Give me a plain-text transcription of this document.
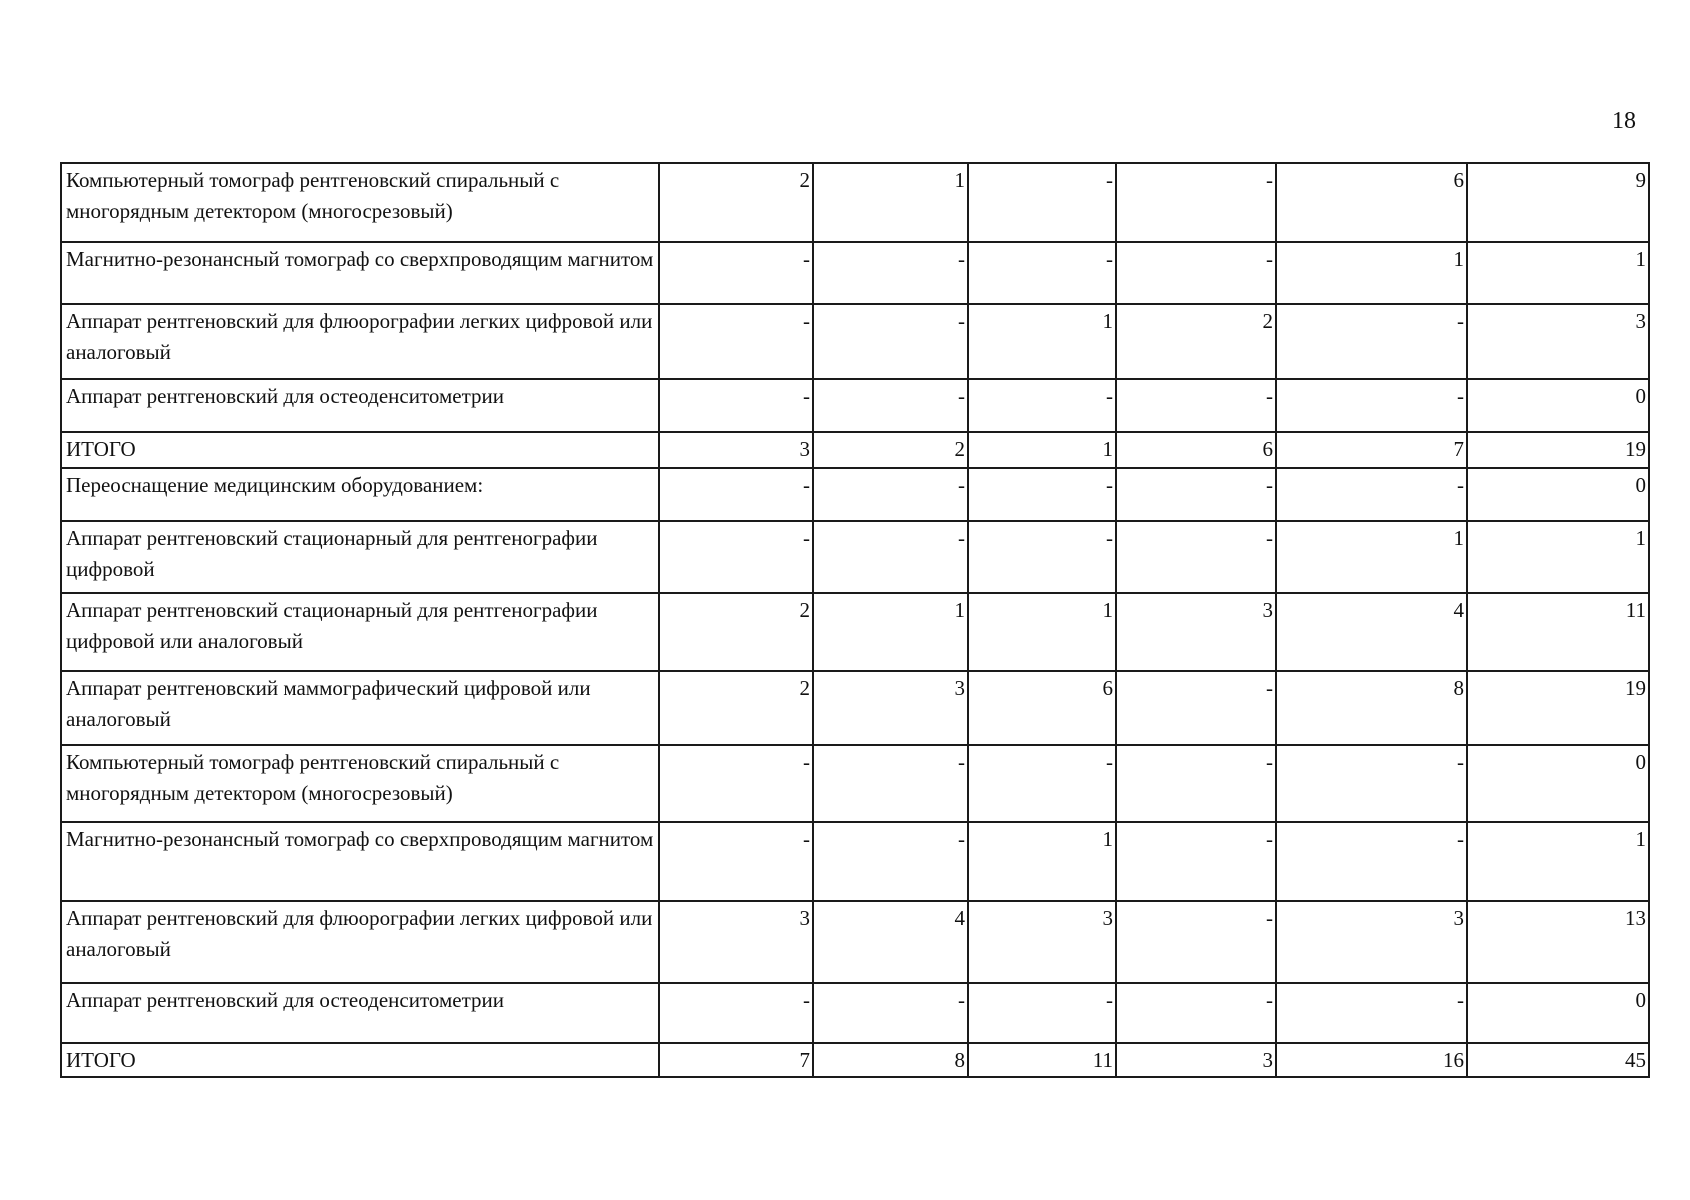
18
Компьютерный томограф рентгеновский спиральный с многорядным детектором (многосрезовый)	2	1	-	-	6	9
Магнитно-резонансный томограф со сверхпроводящим магнитом	-	-	-	-	1	1
Аппарат рентгеновский для флюорографии легких цифровой или аналоговый	-	-	1	2	-	3
Аппарат рентгеновский для остеоденситометрии	-	-	-	-	-	0
ИТОГО	3	2	1	6	7	19
Переоснащение медицинским оборудованием:	-	-	-	-	-	0
Аппарат рентгеновский стационарный для рентгенографии цифровой	-	-	-	-	1	1
Аппарат рентгеновский стационарный для рентгенографии цифровой или аналоговый	2	1	1	3	4	11
Аппарат рентгеновский маммографический цифровой или аналоговый	2	3	6	-	8	19
Компьютерный томограф рентгеновский спиральный с многорядным детектором (многосрезовый)	-	-	-	-	-	0
Магнитно-резонансный томограф со сверхпроводящим магнитом	-	-	1	-	-	1
Аппарат рентгеновский для флюорографии легких цифровой или аналоговый	3	4	3	-	3	13
Аппарат рентгеновский для остеоденситометрии	-	-	-	-	-	0
ИТОГО	7	8	11	3	16	45
